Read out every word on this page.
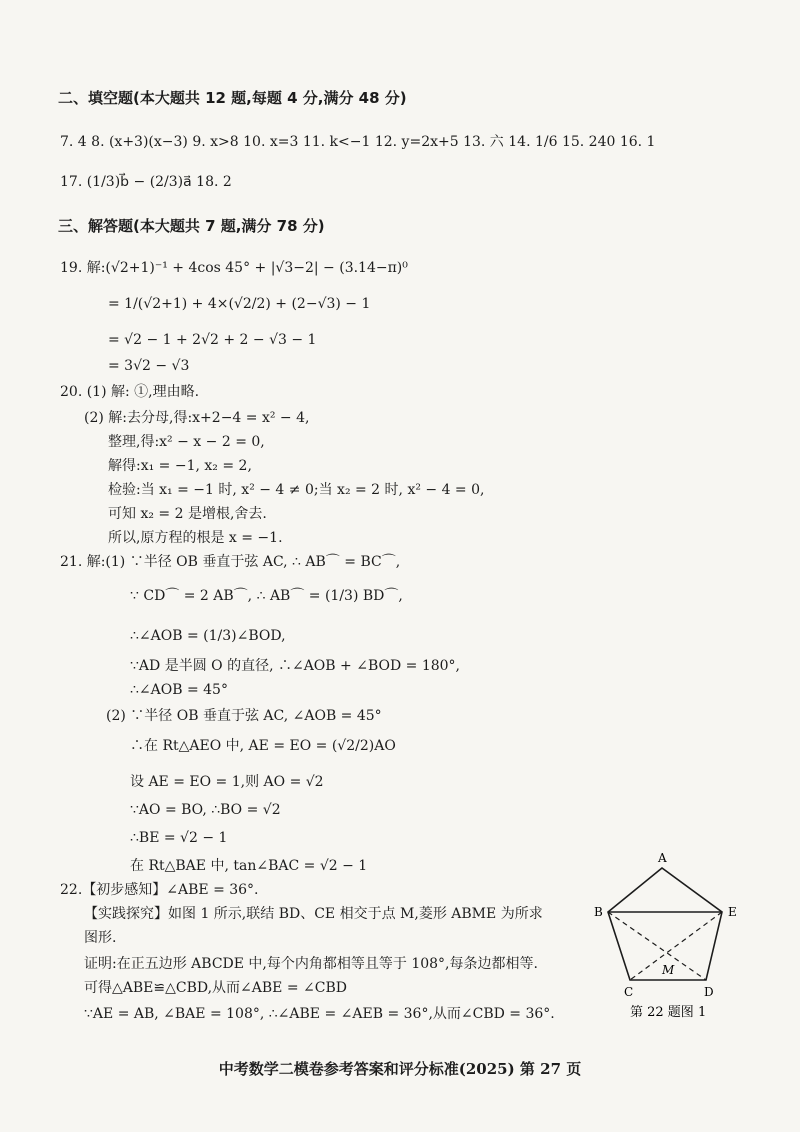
二、填空题(本大题共 12 题,每题 4 分,满分 48 分)
7. 4 8. (x+3)(x−3) 9. x>8 10. x=3 11. k<−1 12. y=2x+5 13. 六 14. 1/6 15. 240 16. 1
17. (1/3)b⃗ − (2/3)a⃗ 18. 2
三、解答题(本大题共 7 题,满分 78 分)
19. 解:(√2+1)⁻¹ + 4cos 45° + |√3−2| − (3.14−π)⁰
= 1/(√2+1) + 4×(√2/2) + (2−√3) − 1
= √2 − 1 + 2√2 + 2 − √3 − 1
= 3√2 − √3
20. (1) 解: ①,理由略.
(2) 解:去分母,得:x+2−4 = x² − 4,
整理,得:x² − x − 2 = 0,
解得:x₁ = −1, x₂ = 2,
检验:当 x₁ = −1 时, x² − 4 ≠ 0;当 x₂ = 2 时, x² − 4 = 0,
可知 x₂ = 2 是增根,舍去.
所以,原方程的根是 x = −1.
21. 解:(1) ∵半径 OB 垂直于弦 AC, ∴ AB⌒ = BC⌒,
∵ CD⌒ = 2 AB⌒, ∴ AB⌒ = (1/3) BD⌒,
∴∠AOB = (1/3)∠BOD,
∵AD 是半圆 O 的直径, ∴∠AOB + ∠BOD = 180°,
∴∠AOB = 45°
(2) ∵半径 OB 垂直于弦 AC, ∠AOB = 45°
∴在 Rt△AEO 中, AE = EO = (√2/2)AO
设 AE = EO = 1,则 AO = √2
∵AO = BO, ∴BO = √2
∴BE = √2 − 1
在 Rt△BAE 中, tan∠BAC = √2 − 1
22.【初步感知】∠ABE = 36°.
【实践探究】如图 1 所示,联结 BD、CE 相交于点 M,菱形 ABME 为所求
图形.
证明:在正五边形 ABCDE 中,每个内角都相等且等于 108°,每条边都相等.
可得△ABE≌△CBD,从而∠ABE = ∠CBD
∵AE = AB, ∠BAE = 108°, ∴∠ABE = ∠AEB = 36°,从而∠CBD = 36°.
A
B	E
C	D
M
第 22 题图 1
中考数学二模卷参考答案和评分标准(2025) 第 27 页
